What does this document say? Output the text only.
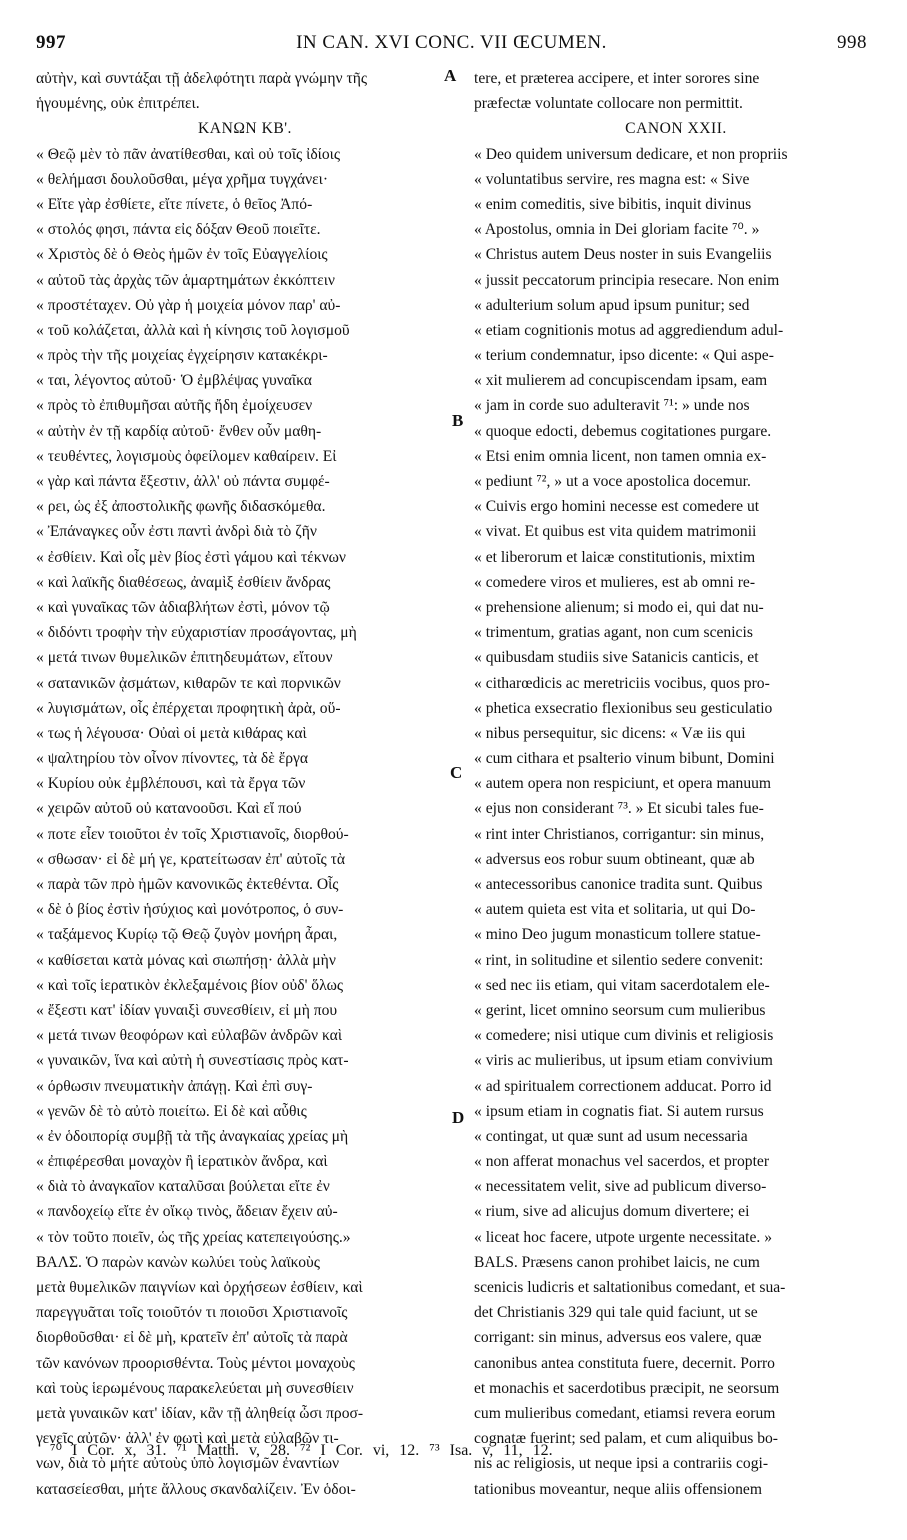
997	IN CAN. XVI CONC. VII ŒCUMEN.	998
αὐτὴν, καὶ συντάξαι τῇ ἀδελφότητι παρὰ γνώμην τῆς
ἡγουμένης, οὐκ ἐπιτρέπει.
ΚΑΝΩΝ ΚΒ'.
« Θεῷ μὲν τὸ πᾶν ἀνατίθεσθαι, καὶ οὐ τοῖς ἰδίοις
« θελήμασι δουλοῦσθαι, μέγα χρῆμα τυγχάνει·
« Εἴτε γὰρ ἐσθίετε, εἴτε πίνετε, ὁ θεῖος Ἀπό-
« στολός φησι, πάντα εἰς δόξαν Θεοῦ ποιεῖτε.
« Χριστὸς δὲ ὁ Θεὸς ἡμῶν ἐν τοῖς Εὐαγγελίοις
« αὐτοῦ τὰς ἀρχὰς τῶν ἁμαρτημάτων ἐκκόπτειν
« προστέταχεν. Οὐ γὰρ ἡ μοιχεία μόνον παρ' αὐ-
« τοῦ κολάζεται, ἀλλὰ καὶ ἡ κίνησις τοῦ λογισμοῦ
« πρὸς τὴν τῆς μοιχείας ἐγχείρησιν κατακέκρι-
« ται, λέγοντος αὐτοῦ· Ὁ ἐμβλέψας γυναῖκα
« πρὸς τὸ ἐπιθυμῆσαι αὐτῆς ἤδη ἐμοίχευσεν
« αὐτὴν ἐν τῇ καρδίᾳ αὐτοῦ· ἔνθεν οὖν μαθη-
« τευθέντες, λογισμοὺς ὀφείλομεν καθαίρειν. Εἰ
« γὰρ καὶ πάντα ἔξεστιν, ἀλλ' οὐ πάντα συμφέ-
« ρει, ὡς ἐξ ἀποστολικῆς φωνῆς διδασκόμεθα.
« Ἐπάναγκες οὖν ἐστι παντὶ ἀνδρὶ διὰ τὸ ζῆν
« ἐσθίειν. Καὶ οἷς μὲν βίος ἐστὶ γάμου καὶ τέκνων
« καὶ λαϊκῆς διαθέσεως, ἀναμὶξ ἐσθίειν ἄνδρας
« καὶ γυναῖκας τῶν ἀδιαβλήτων ἐστὶ, μόνον τῷ
« διδόντι τροφὴν τὴν εὐχαριστίαν προσάγοντας, μὴ
« μετά τινων θυμελικῶν ἐπιτηδευμάτων, εἴτουν
« σατανικῶν ᾀσμάτων, κιθαρῶν τε καὶ πορνικῶν
« λυγισμάτων, οἷς ἐπέρχεται προφητικὴ ἀρὰ, οὕ-
« τως ἡ λέγουσα· Οὐαὶ οἱ μετὰ κιθάρας καὶ
« ψαλτηρίου τὸν οἶνον πίνοντες, τὰ δὲ ἔργα
« Κυρίου οὐκ ἐμβλέπουσι, καὶ τὰ ἔργα τῶν
« χειρῶν αὐτοῦ οὐ κατανοοῦσι. Καὶ εἴ πού
« ποτε εἶεν τοιοῦτοι ἐν τοῖς Χριστιανοῖς, διορθού-
« σθωσαν· εἰ δὲ μή γε, κρατείτωσαν ἐπ' αὐτοῖς τὰ
« παρὰ τῶν πρὸ ἡμῶν κανονικῶς ἐκτεθέντα. Οἷς
« δὲ ὁ βίος ἐστὶν ἡσύχιος καὶ μονότροπος, ὁ συν-
« ταξάμενος Κυρίῳ τῷ Θεῷ ζυγὸν μονήρη ἆραι,
« καθίσεται κατὰ μόνας καὶ σιωπήσῃ· ἀλλὰ μὴν
« καὶ τοῖς ἱερατικὸν ἐκλεξαμένοις βίον οὐδ' ὅλως
« ἔξεστι κατ' ἰδίαν γυναιξὶ συνεσθίειν, εἰ μὴ που
« μετά τινων θεοφόρων καὶ εὐλαβῶν ἀνδρῶν καὶ
« γυναικῶν, ἵνα καὶ αὐτὴ ἡ συνεστίασις πρὸς κατ-
« όρθωσιν πνευματικὴν ἀπάγῃ. Καὶ ἐπὶ συγ-
« γενῶν δὲ τὸ αὐτὸ ποιείτω. Εἰ δὲ καὶ αὖθις
« ἐν ὁδοιπορίᾳ συμβῇ τὰ τῆς ἀναγκαίας χρείας μὴ
« ἐπιφέρεσθαι μοναχὸν ἢ ἱερατικὸν ἄνδρα, καὶ
« διὰ τὸ ἀναγκαῖον καταλῦσαι βούλεται εἴτε ἐν
« πανδοχείῳ εἴτε ἐν οἴκῳ τινὸς, ἄδειαν ἔχειν αὐ-
« τὸν τοῦτο ποιεῖν, ὡς τῆς χρείας κατεπειγούσης.»
ΒΑΛΣ. Ὁ παρὼν κανὼν κωλύει τοὺς λαϊκοὺς
μετὰ θυμελικῶν παιγνίων καὶ ὀρχήσεων ἐσθίειν, καὶ
παρεγγυᾶται τοῖς τοιοῦτόν τι ποιοῦσι Χριστιανοῖς
διορθοῦσθαι· εἰ δὲ μὴ, κρατεῖν ἐπ' αὐτοῖς τὰ παρὰ
τῶν κανόνων προορισθέντα. Τοὺς μέντοι μοναχοὺς
καὶ τοὺς ἱερωμένους παρακελεύεται μὴ συνεσθίειν
μετὰ γυναικῶν κατ' ἰδίαν, κἂν τῇ ἀληθείᾳ ὦσι προσ-
γενεῖς αὐτῶν· ἀλλ' ἐν φωτὶ καὶ μετὰ εὐλαβῶν τι-
νων, διὰ τὸ μήτε αὐτοὺς ὑπὸ λογισμῶν ἐναντίων
κατασείεσθαι, μήτε ἄλλους σκανδαλίζειν. Ἐν ὁδοι-
tere, et præterea accipere, et inter sorores sine
præfectæ voluntate collocare non permittit.
CANON XXII.
« Deo quidem universum dedicare, et non propriis
« voluntatibus servire, res magna est: « Sive
« enim comeditis, sive bibitis, inquit divinus
« Apostolus, omnia in Dei gloriam facite ⁷⁰. »
« Christus autem Deus noster in suis Evangeliis
« jussit peccatorum principia resecare. Non enim
« adulterium solum apud ipsum punitur; sed
« etiam cognitionis motus ad aggrediendum adul-
« terium condemnatur, ipso dicente: « Qui aspe-
« xit mulierem ad concupiscendam ipsam, eam
« jam in corde suo adulteravit ⁷¹: » unde nos
« quoque edocti, debemus cogitationes purgare.
« Etsi enim omnia licent, non tamen omnia ex-
« pediunt ⁷², » ut a voce apostolica docemur.
« Cuivis ergo homini necesse est comedere ut
« vivat. Et quibus est vita quidem matrimonii
« et liberorum et laicæ constitutionis, mixtim
« comedere viros et mulieres, est ab omni re-
« prehensione alienum; si modo ei, qui dat nu-
« trimentum, gratias agant, non cum scenicis
« quibusdam studiis sive Satanicis canticis, et
« citharœdicis ac meretriciis vocibus, quos pro-
« phetica exsecratio flexionibus seu gesticulatio
« nibus persequitur, sic dicens: « Væ iis qui
« cum cithara et psalterio vinum bibunt, Domini
« autem opera non respiciunt, et opera manuum
« ejus non considerant ⁷³. » Et sicubi tales fue-
« rint inter Christianos, corrigantur: sin minus,
« adversus eos robur suum obtineant, quæ ab
« antecessoribus canonice tradita sunt. Quibus
« autem quieta est vita et solitaria, ut qui Do-
« mino Deo jugum monasticum tollere statue-
« rint, in solitudine et silentio sedere convenit:
« sed nec iis etiam, qui vitam sacerdotalem ele-
« gerint, licet omnino seorsum cum mulieribus
« comedere; nisi utique cum divinis et religiosis
« viris ac mulieribus, ut ipsum etiam convivium
« ad spiritualem correctionem adducat. Porro id
« ipsum etiam in cognatis fiat. Si autem rursus
« contingat, ut quæ sunt ad usum necessaria
« non afferat monachus vel sacerdos, et propter
« necessitatem velit, sive ad publicum diverso-
« rium, sive ad alicujus domum divertere; ei
« liceat hoc facere, utpote urgente necessitate. »
BALS. Præsens canon prohibet laicis, ne cum
scenicis ludicris et saltationibus comedant, et sua-
det Christianis 329 qui tale quid faciunt, ut se
corrigant: sin minus, adversus eos valere, quæ
canonibus antea constituta fuere, decernit. Porro
et monachis et sacerdotibus præcipit, ne seorsum
cum mulieribus comedant, etiamsi revera eorum
cognatæ fuerint; sed palam, et cum aliquibus bo-
nis ac religiosis, ut neque ipsi a contrariis cogi-
tationibus moveantur, neque aliis offensionem
A
B
C
D
⁷⁰ I Cor. x, 31. ⁷¹ Matth. v, 28. ⁷² I Cor. vi, 12. ⁷³ Isa. v, 11, 12.
